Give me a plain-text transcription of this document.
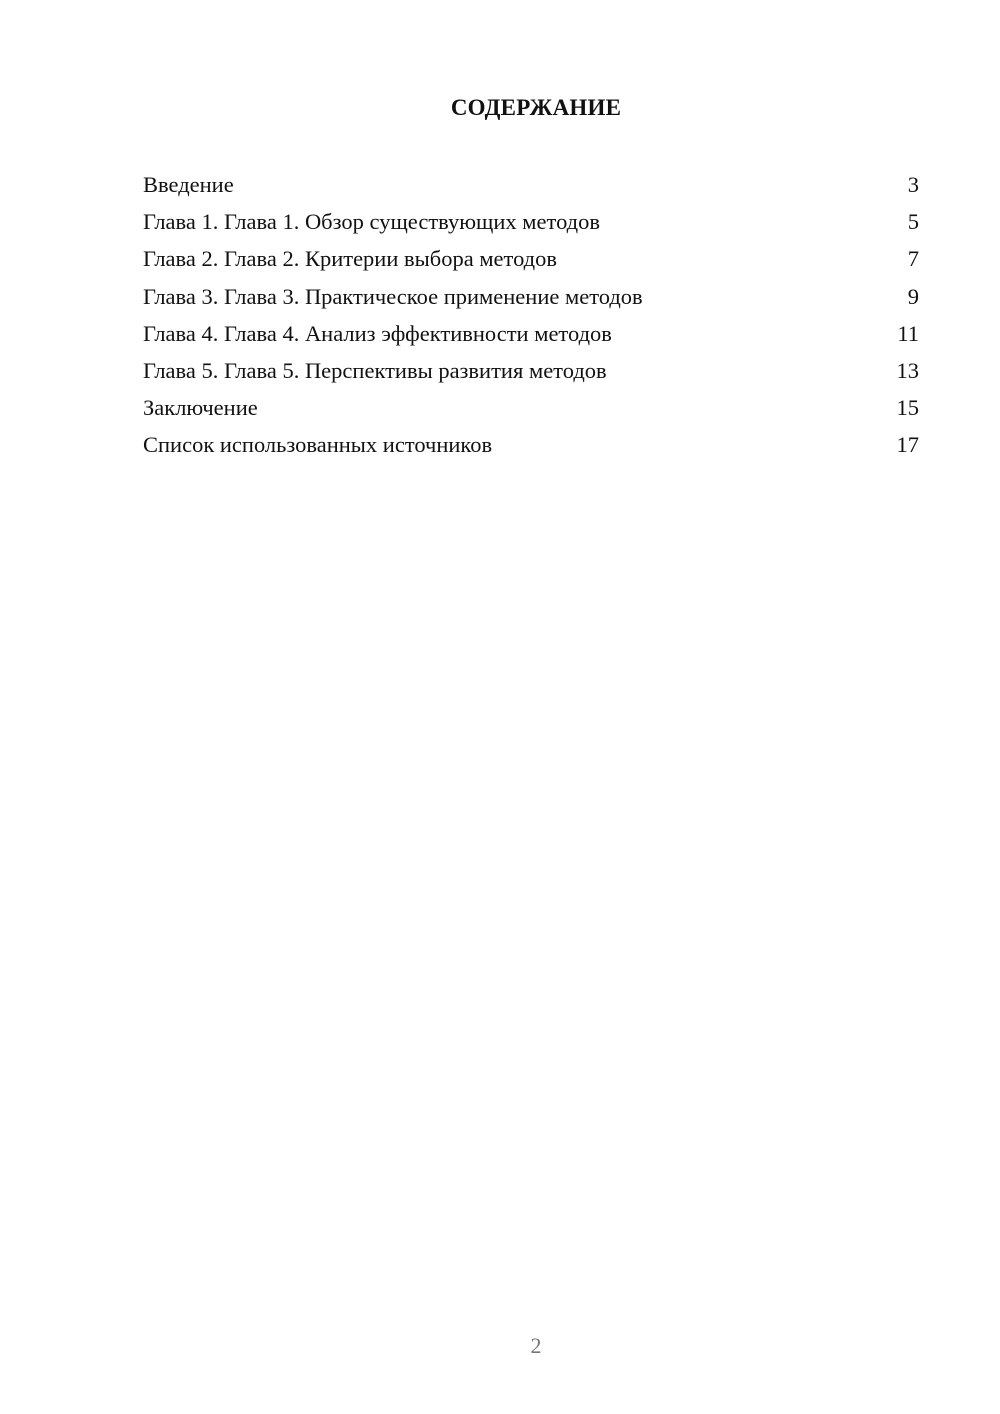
СОДЕРЖАНИЕ
Введение	3
Глава 1. Глава 1. Обзор существующих методов	5
Глава 2. Глава 2. Критерии выбора методов	7
Глава 3. Глава 3. Практическое применение методов	9
Глава 4. Глава 4. Анализ эффективности методов	11
Глава 5. Глава 5. Перспективы развития методов	13
Заключение	15
Список использованных источников	17
2
